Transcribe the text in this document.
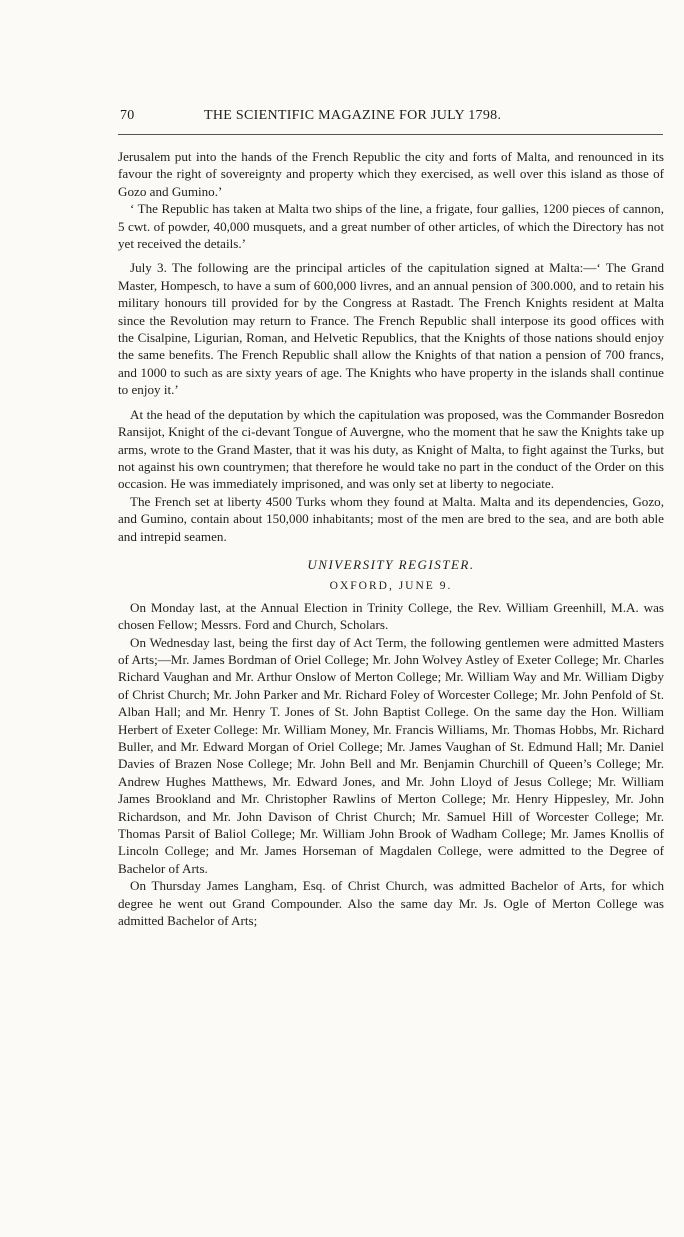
70	THE SCIENTIFIC MAGAZINE FOR JULY 1798.

Jerusalem put into the hands of the French Republic the city and forts of Malta, and renounced in its favour the right of sovereignty and property which they exercised, as well over this island as those of Gozo and Gumino.’

‘ The Republic has taken at Malta two ships of the line, a frigate, four gallies, 1200 pieces of cannon, 5 cwt. of powder, 40,000 musquets, and a great number of other articles, of which the Directory has not yet received the details.’

July 3. The following are the principal articles of the capitulation signed at Malta:—‘ The Grand Master, Hompesch, to have a sum of 600,000 livres, and an annual pension of 300.000, and to retain his military honours till provided for by the Congress at Rastadt. The French Knights resident at Malta since the Revolution may return to France. The French Republic shall interpose its good offices with the Cisalpine, Ligurian, Roman, and Helvetic Republics, that the Knights of those nations should enjoy the same benefits. The French Republic shall allow the Knights of that nation a pension of 700 francs, and 1000 to such as are sixty years of age. The Knights who have property in the islands shall continue to enjoy it.’

At the head of the deputation by which the capitulation was proposed, was the Commander Bosredon Ransijot, Knight of the ci-devant Tongue of Auvergne, who the moment that he saw the Knights take up arms, wrote to the Grand Master, that it was his duty, as Knight of Malta, to fight against the Turks, but not against his own countrymen; that therefore he would take no part in the conduct of the Order on this occasion. He was immediately imprisoned, and was only set at liberty to negociate.

The French set at liberty 4500 Turks whom they found at Malta. Malta and its dependencies, Gozo, and Gumino, contain about 150,000 inhabitants; most of the men are bred to the sea, and are both able and intrepid seamen.

UNIVERSITY REGISTER.
OXFORD, JUNE 9.

On Monday last, at the Annual Election in Trinity College, the Rev. William Greenhill, M.A. was chosen Fellow; Messrs. Ford and Church, Scholars.

On Wednesday last, being the first day of Act Term, the following gentlemen were admitted Masters of Arts;—Mr. James Bordman of Oriel College; Mr. John Wolvey Astley of Exeter College; Mr. Charles Richard Vaughan and Mr. Arthur Onslow of Merton College; Mr. William Way and Mr. William Digby of Christ Church; Mr. John Parker and Mr. Richard Foley of Worcester College; Mr. John Penfold of St. Alban Hall; and Mr. Henry T. Jones of St. John Baptist College. On the same day the Hon. William Herbert of Exeter College: Mr. William Money, Mr. Francis Williams, Mr. Thomas Hobbs, Mr. Richard Buller, and Mr. Edward Morgan of Oriel College; Mr. James Vaughan of St. Edmund Hall; Mr. Daniel Davies of Brazen Nose College; Mr. John Bell and Mr. Benjamin Churchill of Queen’s College; Mr. Andrew Hughes Matthews, Mr. Edward Jones, and Mr. John Lloyd of Jesus College; Mr. William James Brookland and Mr. Christopher Rawlins of Merton College; Mr. Henry Hippesley, Mr. John Richardson, and Mr. John Davison of Christ Church; Mr. Samuel Hill of Worcester College; Mr. Thomas Parsit of Baliol College; Mr. William John Brook of Wadham College; Mr. James Knollis of Lincoln College; and Mr. James Horseman of Magdalen College, were admitted to the Degree of Bachelor of Arts.

On Thursday James Langham, Esq. of Christ Church, was admitted Bachelor of Arts, for which degree he went out Grand Compounder. Also the same day Mr. Js. Ogle of Merton College was admitted Bachelor of Arts;
